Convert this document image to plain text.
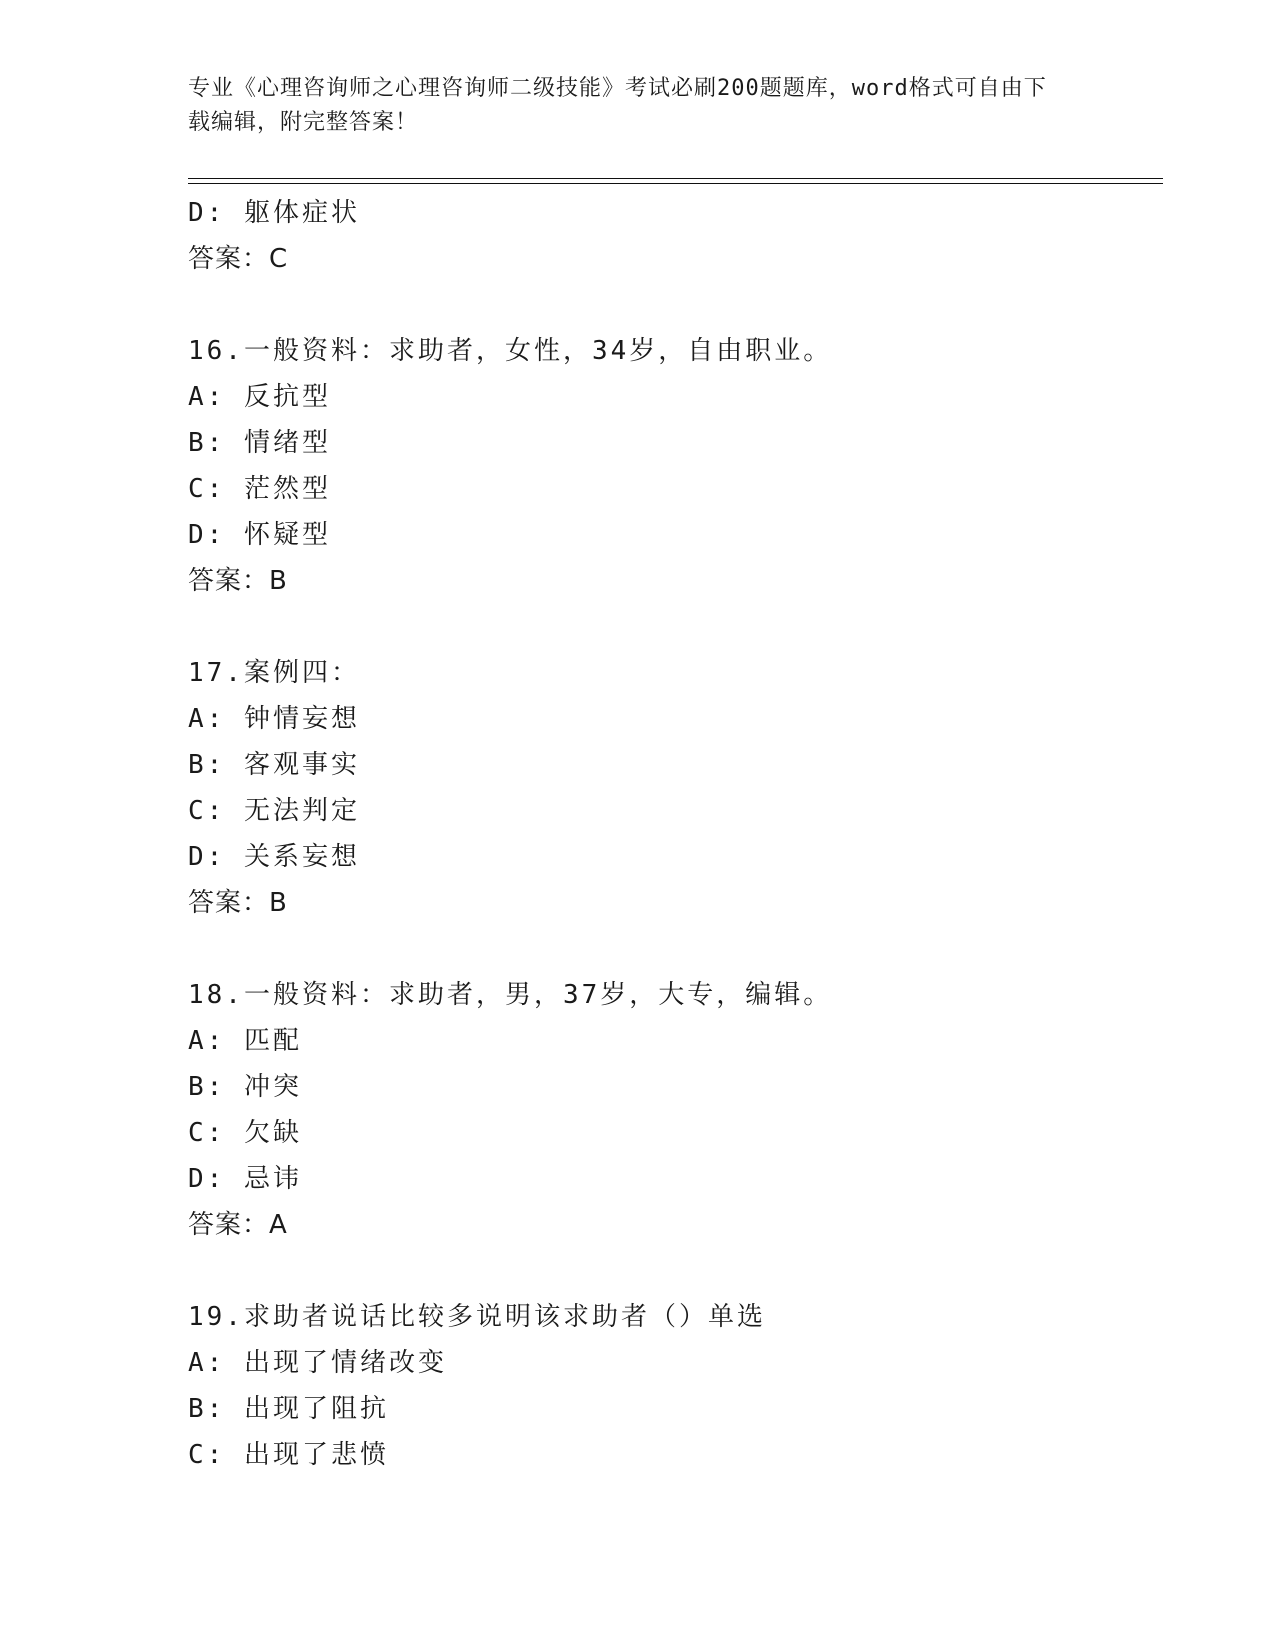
专业《心理咨询师之心理咨询师二级技能》考试必刷200题题库，word格式可自由下载编辑，附完整答案！
D: 躯体症状
答案：C
16.一般资料：求助者，女性，34岁，自由职业。
A: 反抗型
B: 情绪型
C: 茫然型
D: 怀疑型
答案：B
17.案例四：
A: 钟情妄想
B: 客观事实
C: 无法判定
D: 关系妄想
答案：B
18.一般资料：求助者，男，37岁，大专，编辑。
A: 匹配
B: 冲突
C: 欠缺
D: 忌讳
答案：A
19.求助者说话比较多说明该求助者（）单选
A: 出现了情绪改变
B: 出现了阻抗
C: 出现了悲愤
